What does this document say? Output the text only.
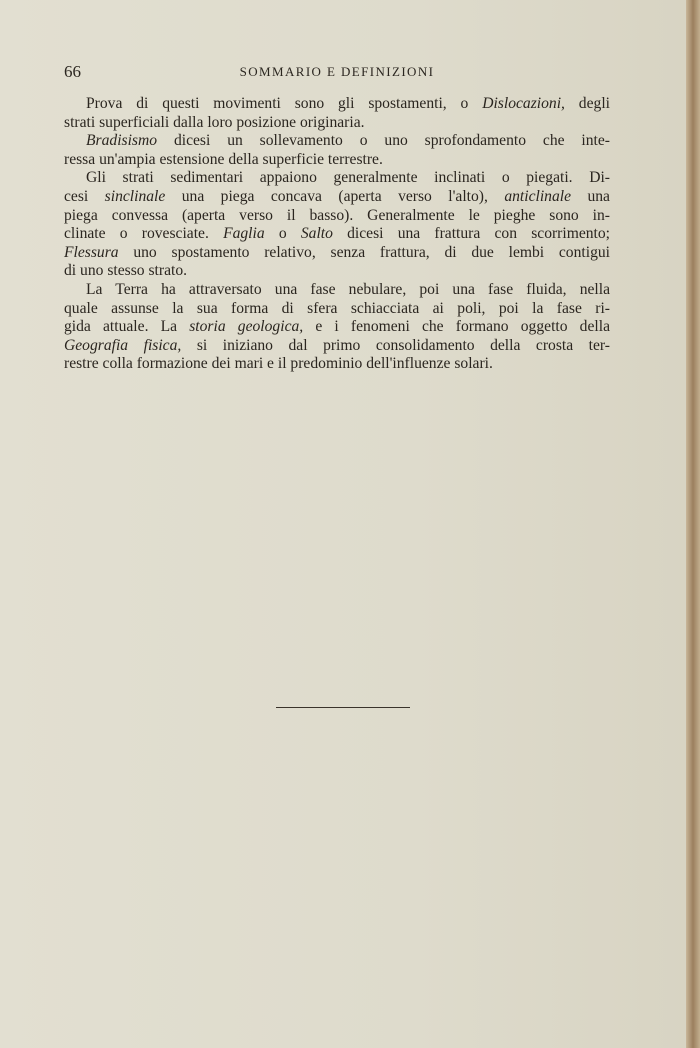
66	SOMMARIO E DEFINIZIONI
Prova di questi movimenti sono gli spostamenti, o Dislocazioni, degli
strati superficiali dalla loro posizione originaria.
Bradisismo dicesi un sollevamento o uno sprofondamento che inte-
ressa un'ampia estensione della superficie terrestre.
Gli strati sedimentari appaiono generalmente inclinati o piegati. Di-
cesi sinclinale una piega concava (aperta verso l'alto), anticlinale una
piega convessa (aperta verso il basso). Generalmente le pieghe sono in-
clinate o rovesciate. Faglia o Salto dicesi una frattura con scorrimento;
Flessura uno spostamento relativo, senza frattura, di due lembi contigui
di uno stesso strato.
La Terra ha attraversato una fase nebulare, poi una fase fluida, nella
quale assunse la sua forma di sfera schiacciata ai poli, poi la fase ri-
gida attuale. La storia geologica, e i fenomeni che formano oggetto della
Geografia fisica, si iniziano dal primo consolidamento della crosta ter-
restre colla formazione dei mari e il predominio dell'influenze solari.
